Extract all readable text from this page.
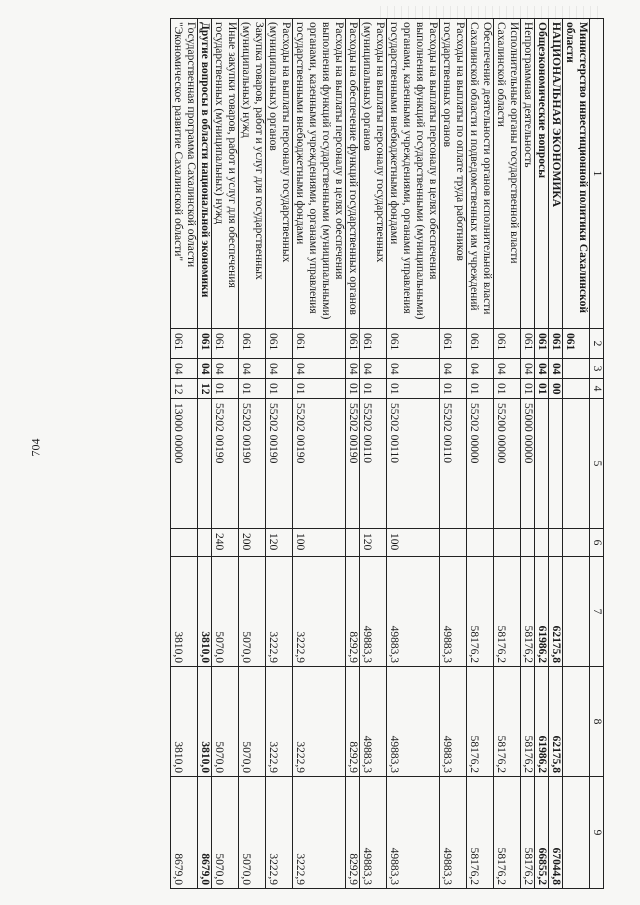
704
1	2	3	4	5	6	7	8	9
Министерство инвестиционной политики Сахалинской области	061							
НАЦИОНАЛЬНАЯ ЭКОНОМИКА	061	04	00			62175,8	62175,8	67044,8
Общеэкономические вопросы	061	04	01			61986,2	61986,2	66855,2
Непрограммная деятельность	061	04	01	55000 00000		58176,2	58176,2	58176,2
Исполнительные органы государственной власти Сахалинской области	061	04	01	55200 00000		58176,2	58176,2	58176,2
Обеспечение деятельности органов исполнительной власти Сахалинской области и подведомственных им учреждений	061	04	01	55202 00000		58176,2	58176,2	58176,2
Расходы на выплаты по оплате труда работников государственных органов	061	04	01	55202 00110		49883,3	49883,3	49883,3
Расходы на выплаты персоналу в целях обеспечения выполнения функций государственными (муниципальными) органами, казенными учреждениями, органами управления государственными внебюджетными фондами	061	04	01	55202 00110	100	49883,3	49883,3	49883,3
Расходы на выплаты персоналу государственных (муниципальных) органов	061	04	01	55202 00110	120	49883,3	49883,3	49883,3
Расходы на обеспечение функций государственных органов	061	04	01	55202 00190		8292,9	8292,9	8292,9
Расходы на выплаты персоналу в целях обеспечения выполнения функций государственными (муниципальными) органами, казенными учреждениями, органами управления государственными внебюджетными фондами	061	04	01	55202 00190	100	3222,9	3222,9	3222,9
Расходы на выплаты персоналу государственных (муниципальных) органов	061	04	01	55202 00190	120	3222,9	3222,9	3222,9
Закупка товаров, работ и услуг для государственных (муниципальных) нужд	061	04	01	55202 00190	200	5070,0	5070,0	5070,0
Иные закупки товаров, работ и услуг для обеспечения государственных (муниципальных) нужд	061	04	01	55202 00190	240	5070,0	5070,0	5070,0
Другие вопросы в области национальной экономики	061	04	12			3810,0	3810,0	8679,0
Государственная программа Сахалинской области "Экономическое развитие Сахалинской области"	061	04	12	13000 00000		3810,0	3810,0	8679,0
